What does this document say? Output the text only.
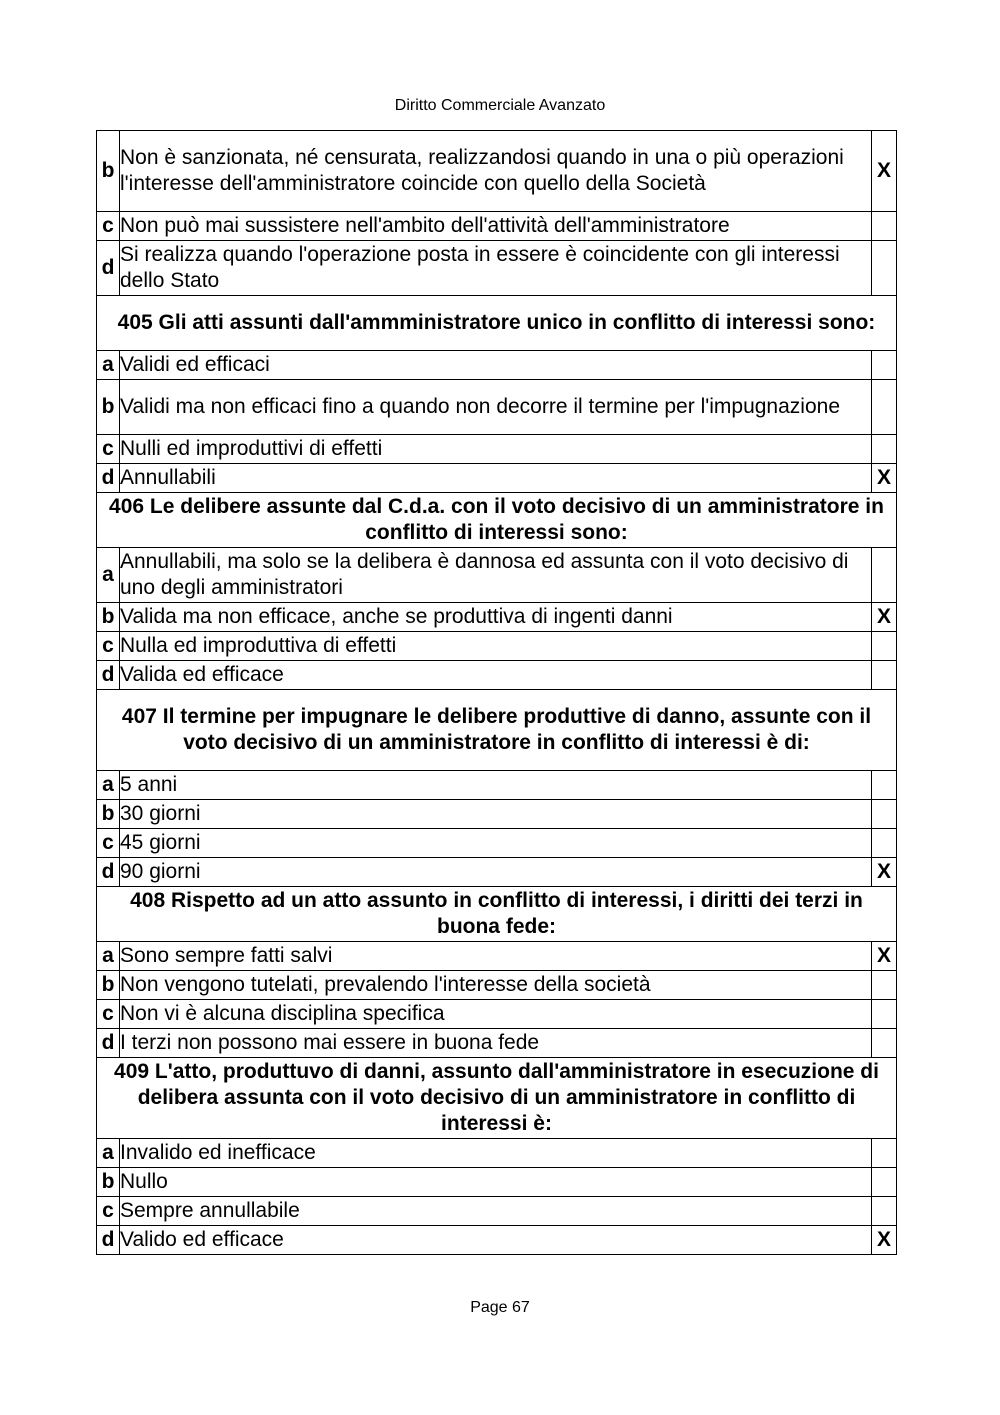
Diritto Commerciale Avanzato
b	Non è sanzionata, né censurata, realizzandosi quando in una o più operazioni l'interesse dell'amministratore coincide con quello della Società	X
c	Non può mai sussistere nell'ambito dell'attività dell'amministratore	
d	Si realizza quando l'operazione posta in essere è coincidente con gli interessi dello Stato	
405 Gli atti assunti dall'ammministratore unico in conflitto di interessi sono:		
a	Validi ed efficaci	
b	Validi ma non efficaci fino a quando non decorre il termine per l'impugnazione	
c	Nulli ed improduttivi di effetti	
d	Annullabili	X
406 Le delibere assunte dal C.d.a. con il voto decisivo di un amministratore in conflitto di interessi sono:		
a	Annullabili, ma solo se la delibera è dannosa ed assunta con il voto decisivo di uno degli amministratori	
b	Valida ma non efficace, anche se produttiva di ingenti danni	X
c	Nulla ed improduttiva di effetti	
d	Valida ed efficace	
407 Il termine per impugnare le delibere produttive di danno, assunte con il voto decisivo di un amministratore in conflitto di interessi è di:		
a	5 anni	
b	30 giorni	
c	45 giorni	
d	90 giorni	X
408 Rispetto ad un atto assunto in conflitto di interessi, i diritti dei terzi in buona fede:		
a	Sono sempre fatti salvi	X
b	Non vengono tutelati, prevalendo l'interesse della società	
c	Non vi è alcuna disciplina specifica	
d	I terzi non possono mai essere in buona fede	
409 L'atto, produttuvo di danni, assunto dall'amministratore in esecuzione di delibera assunta con il voto decisivo di un amministratore in conflitto di interessi è:		
a	Invalido ed inefficace	
b	Nullo	
c	Sempre annullabile	
d	Valido ed efficace	X
Page 67
